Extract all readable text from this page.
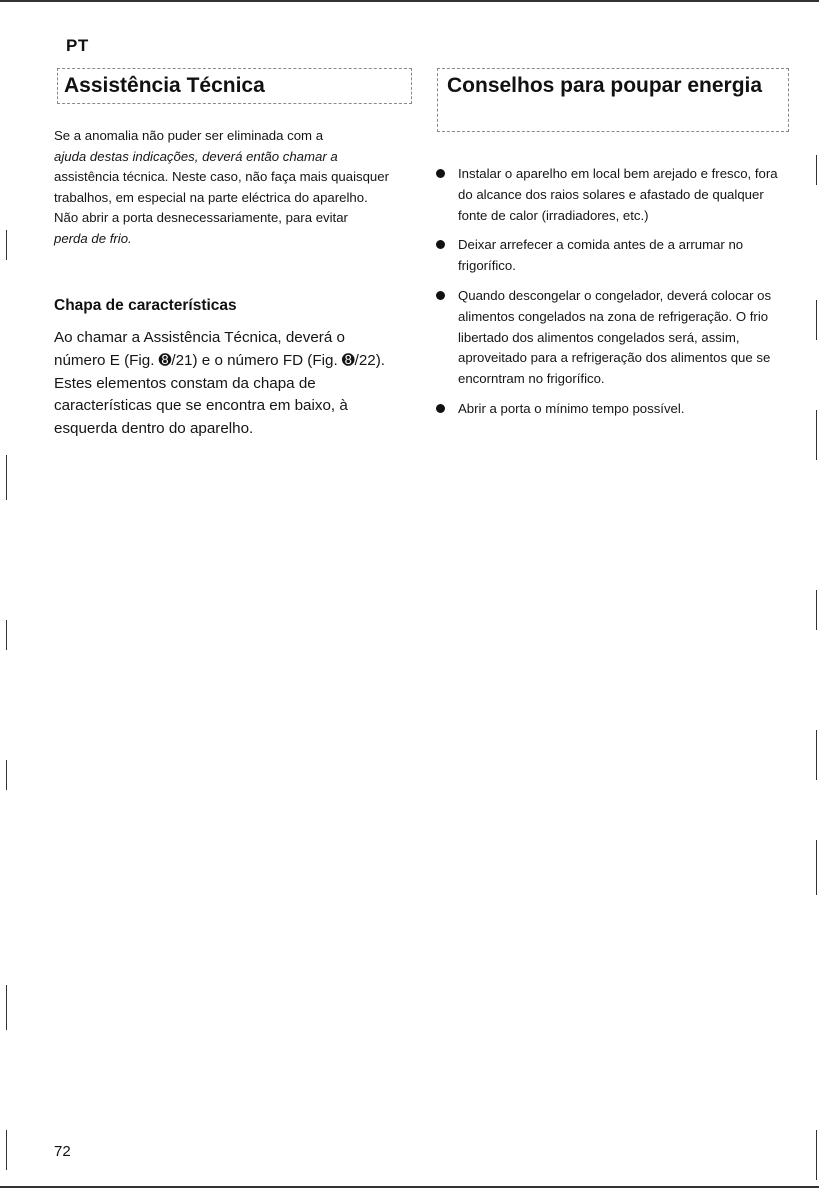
PT
Assistência Técnica

Se a anomalia não puder ser eliminada com a
ajuda destas indicações, deverá então chamar a
assistência técnica. Neste caso, não faça mais quaisquer trabalhos, em especial na parte eléctrica do aparelho.

Não abrir a porta desnecessariamente, para evitar
perda de frio.

Chapa de características
Ao chamar a Assistência Técnica, deverá o número E (Fig. ➑/21) e o número FD (Fig. ➑/22). Estes elementos constam da chapa de características que se encontra em baixo, à esquerda dentro do aparelho.
Conselhos para poupar energia
Instalar o aparelho em local bem arejado e fresco, fora do alcance dos raios solares e afastado de qualquer fonte de calor (irradiadores, etc.)
Deixar arrefecer a comida antes de a arrumar no frigorífico.
Quando descongelar o congelador, deverá colocar os alimentos congelados na zona de refrigeração. O frio libertado dos alimentos congelados será, assim, aproveitado para a refrigeração dos alimentos que se encorntram no frigorífico.
Abrir a porta o mínimo tempo possível.
72
